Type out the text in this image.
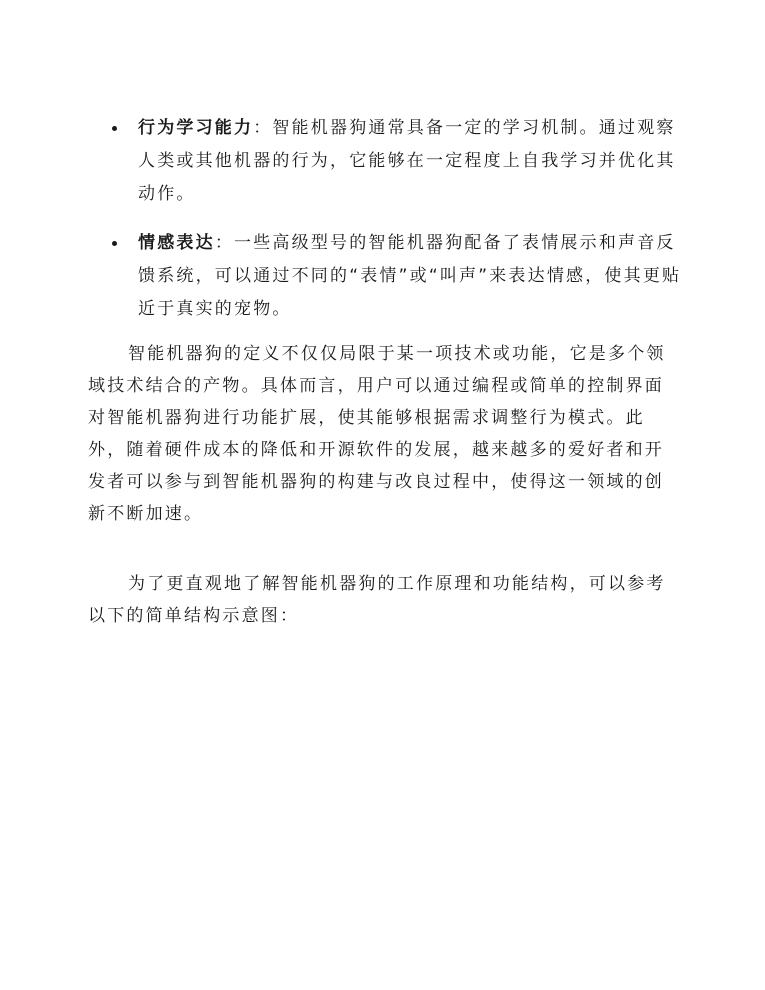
行为学习能力：智能机器狗通常具备一定的学习机制。通过观察人类或其他机器的行为，它能够在一定程度上自我学习并优化其动作。
情感表达：一些高级型号的智能机器狗配备了表情展示和声音反馈系统，可以通过不同的“表情”或“叫声”来表达情感，使其更贴近于真实的宠物。

智能机器狗的定义不仅仅局限于某一项技术或功能，它是多个领域技术结合的产物。具体而言，用户可以通过编程或简单的控制界面对智能机器狗进行功能扩展，使其能够根据需求调整行为模式。此外，随着硬件成本的降低和开源软件的发展，越来越多的爱好者和开发者可以参与到智能机器狗的构建与改良过程中，使得这一领域的创新不断加速。

为了更直观地了解智能机器狗的工作原理和功能结构，可以参考以下的简单结构示意图：
